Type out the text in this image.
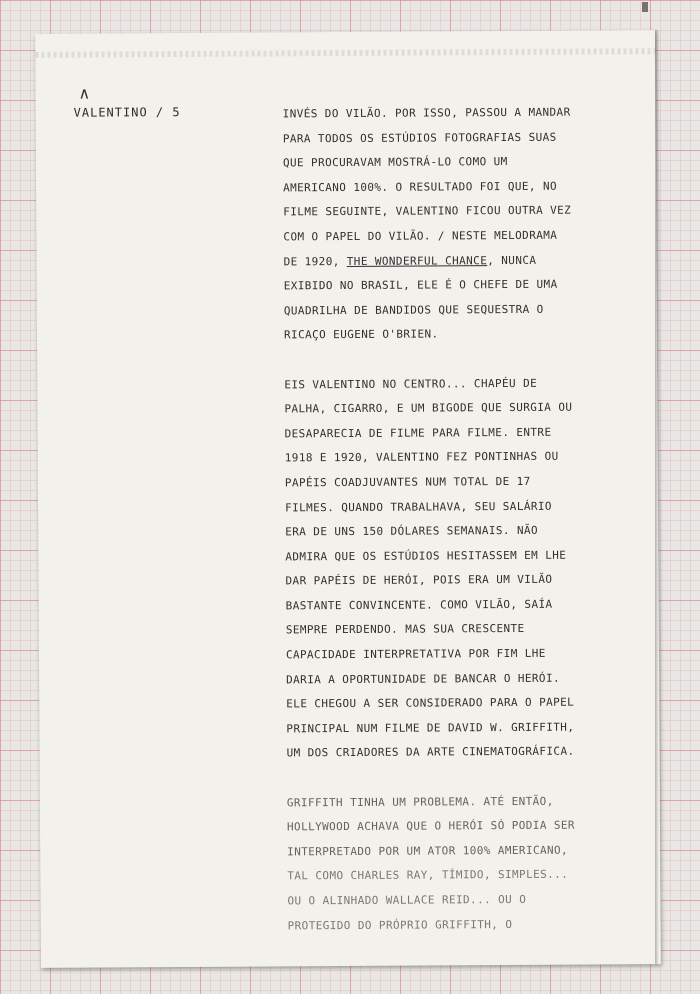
∧
VALENTINO / 5	INVÉS DO VILÃO. POR ISSO, PASSOU A MANDAR
PARA TODOS OS ESTÚDIOS FOTOGRAFIAS SUAS
QUE PROCURAVAM MOSTRÁ-LO COMO UM
AMERICANO 100%. O RESULTADO FOI QUE, NO
FILME SEGUINTE, VALENTINO FICOU OUTRA VEZ
COM O PAPEL DO VILÃO. / NESTE MELODRAMA
DE 1920, THE WONDERFUL CHANCE, NUNCA
EXIBIDO NO BRASIL, ELE É O CHEFE DE UMA
QUADRILHA DE BANDIDOS QUE SEQUESTRA O
RICAÇO EUGENE O'BRIEN.
EIS VALENTINO NO CENTRO... CHAPÉU DE
PALHA, CIGARRO, E UM BIGODE QUE SURGIA OU
DESAPARECIA DE FILME PARA FILME. ENTRE
1918 E 1920, VALENTINO FEZ PONTINHAS OU
PAPÉIS COADJUVANTES NUM TOTAL DE 17
FILMES. QUANDO TRABALHAVA, SEU SALÁRIO
ERA DE UNS 150 DÓLARES SEMANAIS. NÃO
ADMIRA QUE OS ESTÚDIOS HESITASSEM EM LHE
DAR PAPÉIS DE HERÓI, POIS ERA UM VILÃO
BASTANTE CONVINCENTE. COMO VILÃO, SAÍA
SEMPRE PERDENDO. MAS SUA CRESCENTE
CAPACIDADE INTERPRETATIVA POR FIM LHE
DARIA A OPORTUNIDADE DE BANCAR O HERÓI.
ELE CHEGOU A SER CONSIDERADO PARA O PAPEL
PRINCIPAL NUM FILME DE DAVID W. GRIFFITH,
UM DOS CRIADORES DA ARTE CINEMATOGRÁFICA.
GRIFFITH TINHA UM PROBLEMA. ATÉ ENTÃO,
HOLLYWOOD ACHAVA QUE O HERÓI SÓ PODIA SER
INTERPRETADO POR UM ATOR 100% AMERICANO,
TAL COMO CHARLES RAY, TÍMIDO, SIMPLES...
OU O ALINHADO WALLACE REID... OU O
PROTEGIDO DO PRÓPRIO GRIFFITH, O
